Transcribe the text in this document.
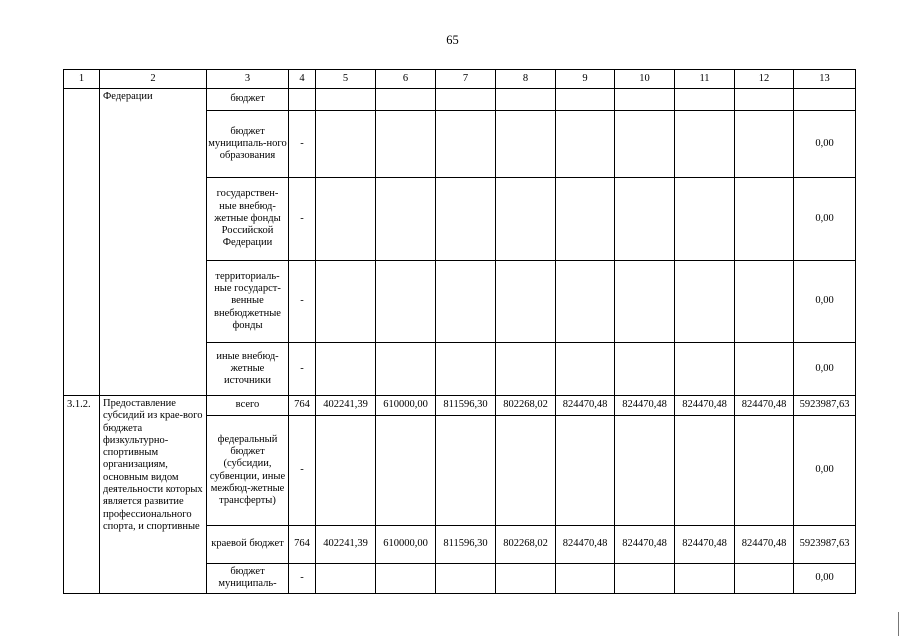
65
1	2	3	4	5	6	7	8	9	10	11	12	13
	Федерации	бюджет										
		бюджет муниципаль-ного образования	-									0,00
		государствен-ные внебюд-жетные фонды Российской Федерации	-									0,00
		территориаль-ные государст-венные внебюджетные фонды	-									0,00
		иные внебюд-жетные источники	-									0,00
3.1.2.	Предоставление субсидий из крае-вого бюджета физкультурно-спортивным организациям, основным видом деятельности которых является развитие профессионального спорта, и спортивные	всего	764	402241,39	610000,00	811596,30	802268,02	824470,48	824470,48	824470,48	824470,48	5923987,63
		федеральный бюджет (субсидии, субвенции, иные межбюд-жетные трансферты)	-									0,00
		краевой бюджет	764	402241,39	610000,00	811596,30	802268,02	824470,48	824470,48	824470,48	824470,48	5923987,63
		бюджет муниципаль-	-									0,00
